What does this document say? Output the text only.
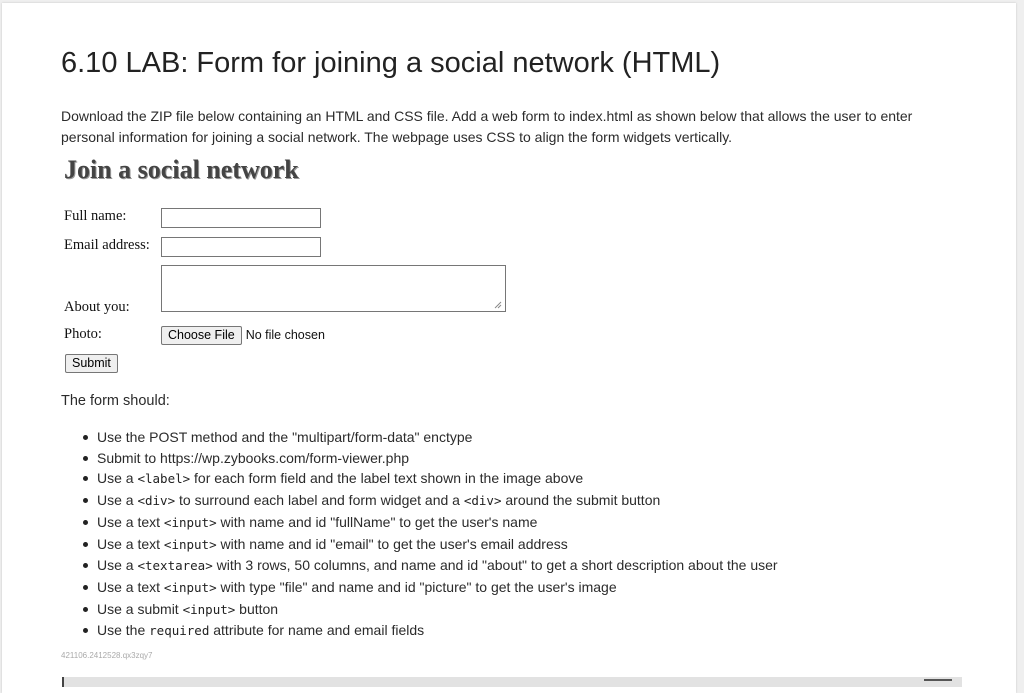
6.10 LAB: Form for joining a social network (HTML)

Download the ZIP file below containing an HTML and CSS file. Add a web form to index.html as shown below that allows the user to enter personal information for joining a social network. The webpage uses CSS to align the form widgets vertically.

Join a social network
Full name:
Email address:
About you:
Photo:	Choose File No file chosen
Submit

The form should:

Use the POST method and the "multipart/form-data" enctype
Submit to https://wp.zybooks.com/form-viewer.php
Use a <label> for each form field and the label text shown in the image above
Use a <div> to surround each label and form widget and a <div> around the submit button
Use a text <input> with name and id "fullName" to get the user's name
Use a text <input> with name and id "email" to get the user's email address
Use a <textarea> with 3 rows, 50 columns, and name and id "about" to get a short description about the user
Use a text <input> with type "file" and name and id "picture" to get the user's image
Use a submit <input> button
Use the required attribute for name and email fields
421106.2412528.qx3zqy7
